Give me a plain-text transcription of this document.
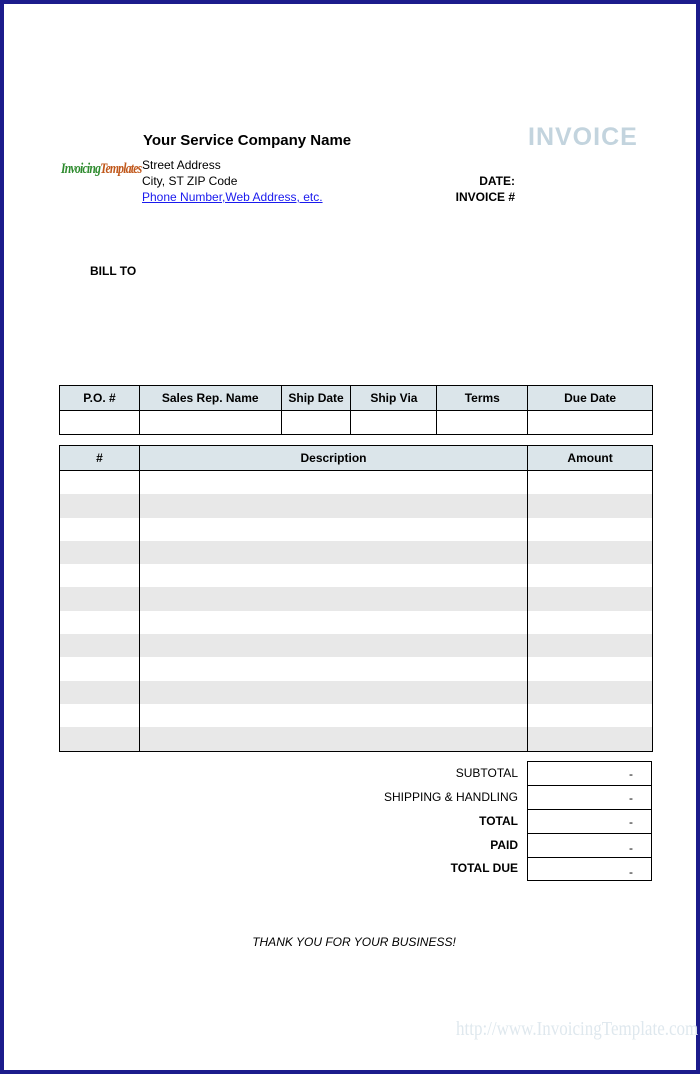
InvoicingTemplates
Your Service Company Name
Street Address
City, ST ZIP Code
Phone Number,Web Address, etc.
INVOICE
DATE:
INVOICE #
BILL TO
P.O. #	Sales Rep. Name	Ship Date	Ship Via	Terms	Due Date

#	Description	Amount

SUBTOTAL	-
SHIPPING & HANDLING	-
TOTAL	-
PAID	-
TOTAL DUE	-
THANK YOU FOR YOUR BUSINESS!
http://www.InvoicingTemplate.com
